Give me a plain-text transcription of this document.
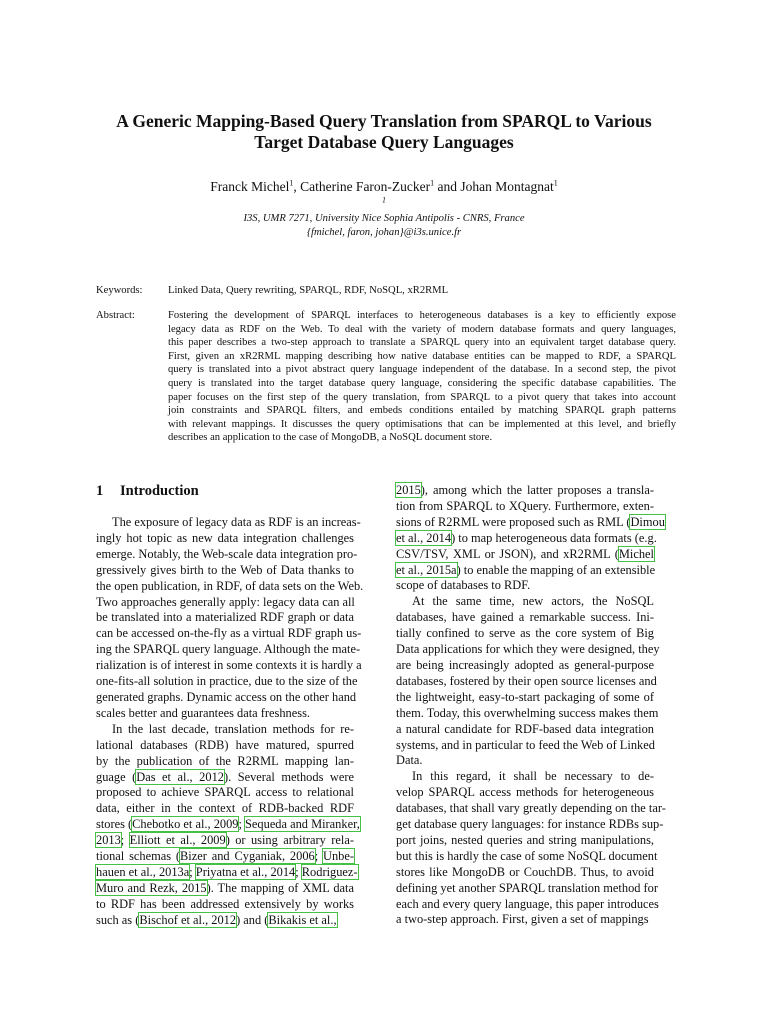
A Generic Mapping-Based Query Translation from SPARQL to Various
Target Database Query Languages
Franck Michel$^1$, Catherine Faron-Zucker$^1$ and Johan Montagnat$^1$
$^1$
I3S, UMR 7271, University Nice Sophia Antipolis - CNRS, France
{fmichel, faron, johan}@i3s.unice.fr
Keywords: Linked Data, Query rewriting, SPARQL, RDF, NoSQL, xR2RML
Abstract:	Fostering the development of SPARQL interfaces to heterogeneous databases is a key to efficiently expose
legacy data as RDF on the Web. To deal with the variety of modern database formats and query languages,
this paper describes a two-step approach to translate a SPARQL query into an equivalent target database query.
First, given an xR2RML mapping describing how native database entities can be mapped to RDF, a SPARQL
query is translated into a pivot abstract query language independent of the database. In a second step, the pivot
query is translated into the target database query language, considering the specific database capabilities. The
paper focuses on the first step of the query translation, from SPARQL to a pivot query that takes into account
join constraints and SPARQL filters, and embeds conditions entailed by matching SPARQL graph patterns
with relevant mappings. It discusses the query optimisations that can be implemented at this level, and briefly
describes an application to the case of MongoDB, a NoSQL document store.
1 Introduction
The exposure of legacy data as RDF is an increas-
ingly hot topic as new data integration challenges
emerge. Notably, the Web-scale data integration pro-
gressively gives birth to the Web of Data thanks to
the open publication, in RDF, of data sets on the Web.
Two approaches generally apply: legacy data can all
be translated into a materialized RDF graph or data
can be accessed on-the-fly as a virtual RDF graph us-
ing the SPARQL query language. Although the mate-
rialization is of interest in some contexts it is hardly a
one-fits-all solution in practice, due to the size of the
generated graphs. Dynamic access on the other hand
scales better and guarantees data freshness.
In the last decade, translation methods for re-
lational databases (RDB) have matured, spurred
by the publication of the R2RML mapping lan-
guage (Das et al., 2012). Several methods were
proposed to achieve SPARQL access to relational
data, either in the context of RDB-backed RDF
stores (Chebotko et al., 2009; Sequeda and Miranker,
2013; Elliott et al., 2009) or using arbitrary rela-
tional schemas (Bizer and Cyganiak, 2006; Unbe-
hauen et al., 2013a; Priyatna et al., 2014; Rodriguez-
Muro and Rezk, 2015). The mapping of XML data
to RDF has been addressed extensively by works
such as (Bischof et al., 2012) and (Bikakis et al.,
2015), among which the latter proposes a transla-
tion from SPARQL to XQuery. Furthermore, exten-
sions of R2RML were proposed such as RML (Dimou
et al., 2014) to map heterogeneous data formats (e.g.
CSV/TSV, XML or JSON), and xR2RML (Michel
et al., 2015a) to enable the mapping of an extensible
scope of databases to RDF.
At the same time, new actors, the NoSQL
databases, have gained a remarkable success. Ini-
tially confined to serve as the core system of Big
Data applications for which they were designed, they
are being increasingly adopted as general-purpose
databases, fostered by their open source licenses and
the lightweight, easy-to-start packaging of some of
them. Today, this overwhelming success makes them
a natural candidate for RDF-based data integration
systems, and in particular to feed the Web of Linked
Data.
In this regard, it shall be necessary to de-
velop SPARQL access methods for heterogeneous
databases, that shall vary greatly depending on the tar-
get database query languages: for instance RDBs sup-
port joins, nested queries and string manipulations,
but this is hardly the case of some NoSQL document
stores like MongoDB or CouchDB. Thus, to avoid
defining yet another SPARQL translation method for
each and every query language, this paper introduces
a two-step approach. First, given a set of mappings
